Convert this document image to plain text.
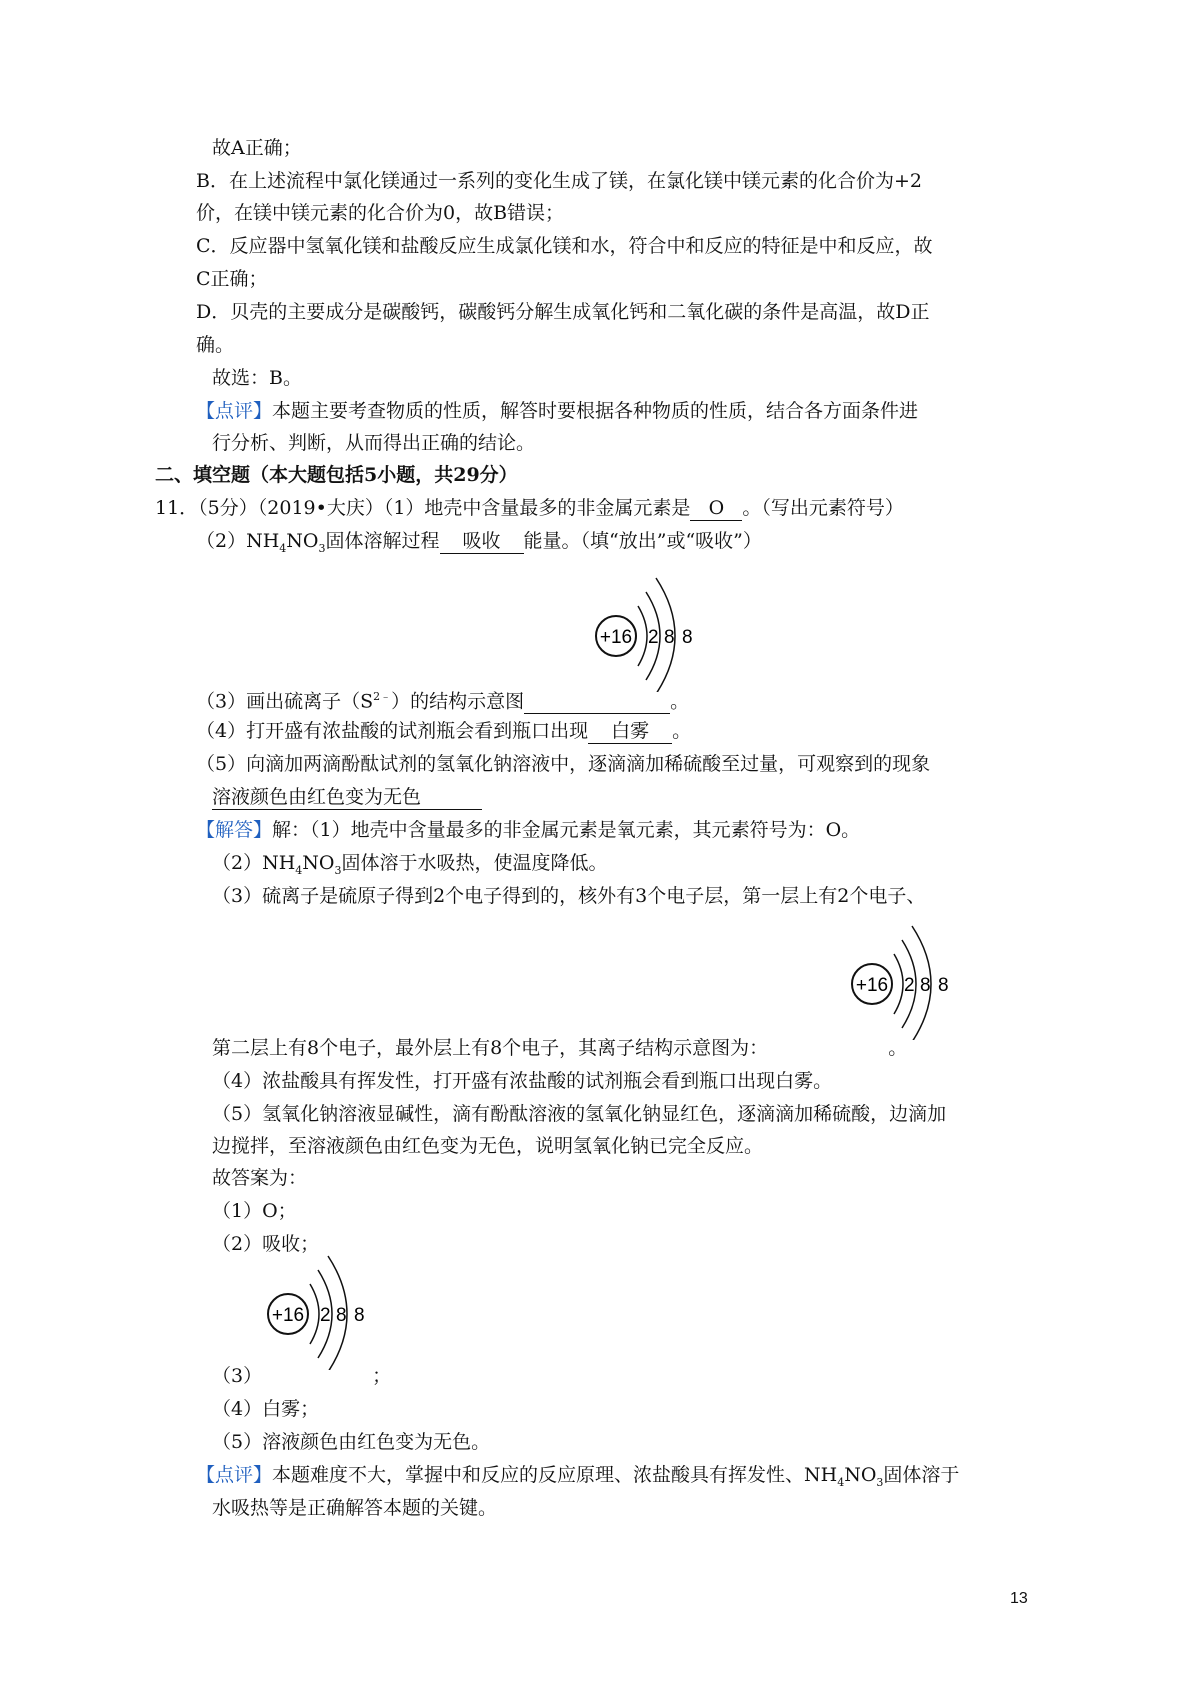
故A正确；
B．在上述流程中氯化镁通过一系列的变化生成了镁，在氯化镁中镁元素的化合价为+2
价，在镁中镁元素的化合价为0，故B错误；
C．反应器中氢氧化镁和盐酸反应生成氯化镁和水，符合中和反应的特征是中和反应，故
C正确；
D．贝壳的主要成分是碳酸钙，碳酸钙分解生成氧化钙和二氧化碳的条件是高温，故D正
确。
故选：B。
【点评】本题主要考查物质的性质，解答时要根据各种物质的性质，结合各方面条件进
行分析、判断，从而得出正确的结论。
二、填空题（本大题包括5小题，共29分）
11．（5分）（2019•大庆）（1）地壳中含量最多的非金属元素是 O 。（写出元素符号）
$(2)NH_4NO_3$固体溶解过程 吸收 能量。（填“放出”或“吸收”）
+16 2 8 8
（3）画出硫离子$(S^{2﹣})$的结构示意图	。
（4）打开盛有浓盐酸的试剂瓶会看到瓶口出现 白雾 。
（5）向滴加两滴酚酞试剂的氢氧化钠溶液中，逐滴滴加稀硫酸至过量，可观察到的现象
溶液颜色由红色变为无色
【解答】解：（1）地壳中含量最多的非金属元素是氧元素，其元素符号为：O。
$(2)NH_4NO_3$固体溶于水吸热，使温度降低。
（3）硫离子是硫原子得到2个电子得到的，核外有3个电子层，第一层上有2个电子、
+16 2 8 8
第二层上有8个电子，最外层上有8个电子，其离子结构示意图为：	。
（4）浓盐酸具有挥发性，打开盛有浓盐酸的试剂瓶会看到瓶口出现白雾。
（5）氢氧化钠溶液显碱性，滴有酚酞溶液的氢氧化钠显红色，逐滴滴加稀硫酸，边滴加
边搅拌，至溶液颜色由红色变为无色，说明氢氧化钠已完全反应。
故答案为：
（1）O；
（2）吸收；
+16 2 8 8
（3）	；
（4）白雾；
（5）溶液颜色由红色变为无色。
【点评】本题难度不大，掌握中和反应的反应原理、浓盐酸具有挥发性、$NH_4NO_3$固体溶于
水吸热等是正确解答本题的关键。
13
